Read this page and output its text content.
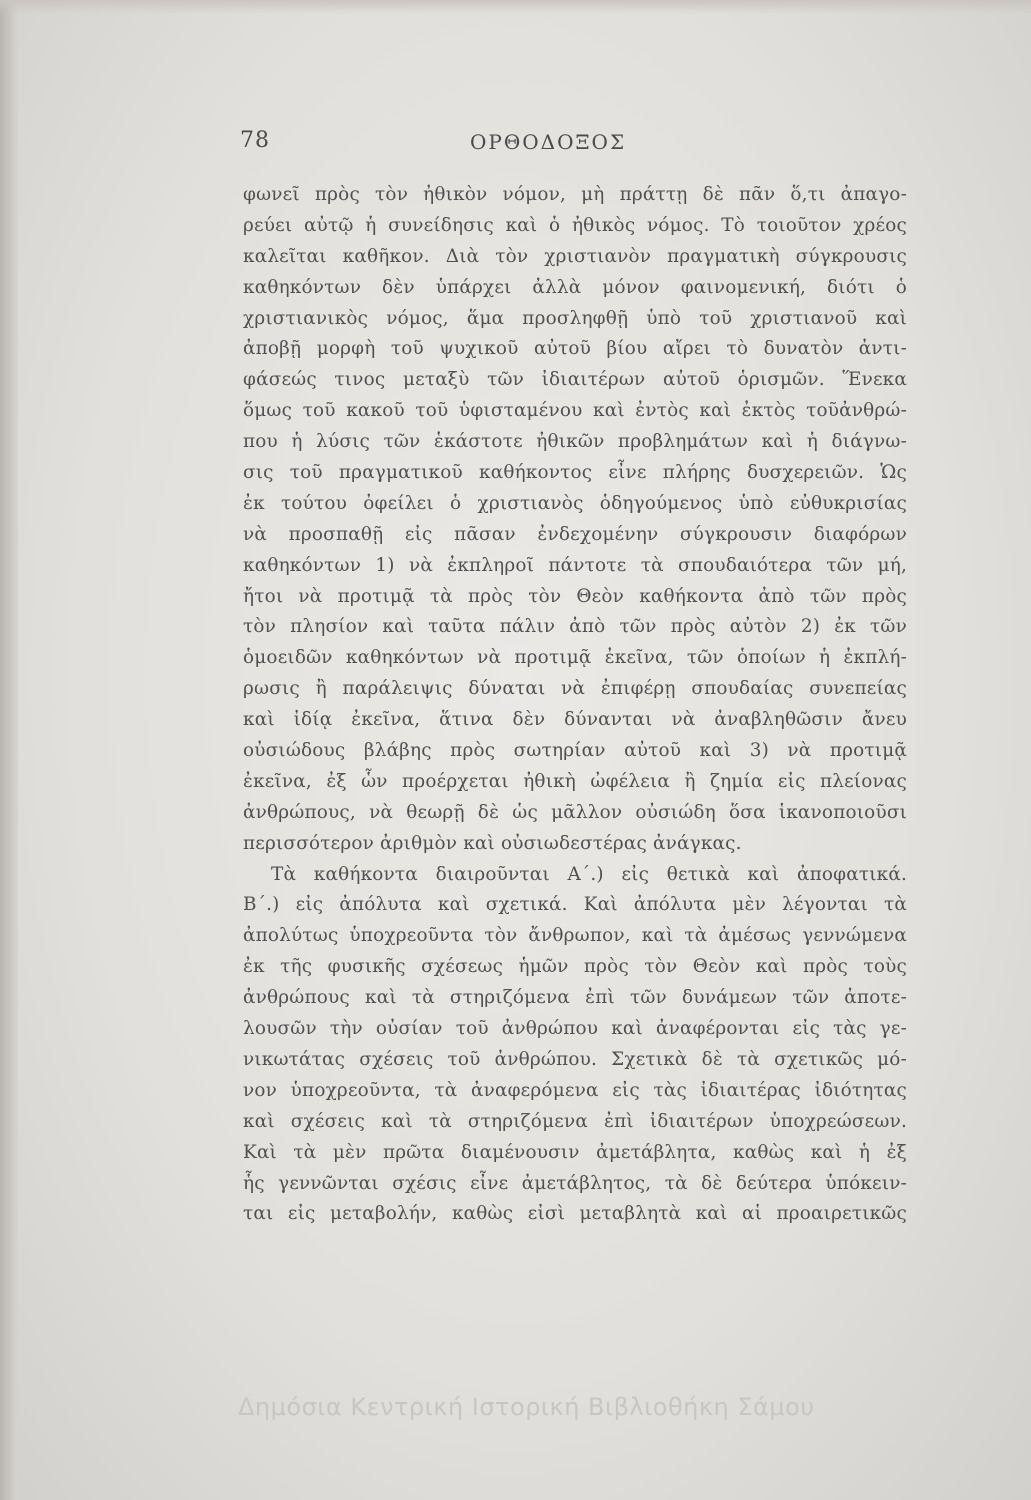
78	ΟΡΘΟΔΟΞΟΣ
φωνεῖ πρὸς τὸν ἠθικὸν νόμον, μὴ πράττῃ δὲ πᾶν ὅ,τι ἀπαγο-
ρεύει αὐτῷ ἡ συνείδησις καὶ ὁ ἠθικὸς νόμος. Τὸ τοιοῦτον χρέος
καλεῖται καθῆκον. Διὰ τὸν χριστιανὸν πραγματικὴ σύγκρουσις
καθηκόντων δὲν ὑπάρχει ἀλλὰ μόνον φαινομενική, διότι ὁ
χριστιανικὸς νόμος, ἅμα προσληφθῇ ὑπὸ τοῦ χριστιανοῦ καὶ
ἀποβῇ μορφὴ τοῦ ψυχικοῦ αὐτοῦ βίου αἴρει τὸ δυνατὸν ἀντι-
φάσεώς τινος μεταξὺ τῶν ἰδιαιτέρων αὐτοῦ ὁρισμῶν. Ἕνεκα
ὅμως τοῦ κακοῦ τοῦ ὑφισταμένου καὶ ἐντὸς καὶ ἐκτὸς τοῦἀνθρώ-
που ἡ λύσις τῶν ἑκάστοτε ἠθικῶν προβλημάτων καὶ ἡ διάγνω-
σις τοῦ πραγματικοῦ καθήκοντος εἶνε πλήρης δυσχερειῶν. Ὡς
ἐκ τούτου ὀφείλει ὁ χριστιανὸς ὁδηγούμενος ὑπὸ εὐθυκρισίας
νὰ προσπαθῇ εἰς πᾶσαν ἐνδεχομένην σύγκρουσιν διαφόρων
καθηκόντων 1) νὰ ἐκπληροῖ πάντοτε τὰ σπουδαιότερα τῶν μή,
ἤτοι νὰ προτιμᾷ τὰ πρὸς τὸν Θεὸν καθήκοντα ἀπὸ τῶν πρὸς
τὸν πλησίον καὶ ταῦτα πάλιν ἀπὸ τῶν πρὸς αὐτὸν 2) ἐκ τῶν
ὁμοειδῶν καθηκόντων νὰ προτιμᾷ ἐκεῖνα, τῶν ὁποίων ἡ ἐκπλή-
ρωσις ἢ παράλειψις δύναται νὰ ἐπιφέρῃ σπουδαίας συνεπείας
καὶ ἰδίᾳ ἐκεῖνα, ἅτινα δὲν δύνανται νὰ ἀναβληθῶσιν ἄνευ
οὐσιώδους βλάβης πρὸς σωτηρίαν αὐτοῦ καὶ 3) νὰ προτιμᾷ
ἐκεῖνα, ἐξ ὧν προέρχεται ἠθικὴ ὠφέλεια ἢ ζημία εἰς πλείονας
ἀνθρώπους, νὰ θεωρῇ δὲ ὡς μᾶλλον οὐσιώδη ὅσα ἱκανοποιοῦσι
περισσότερον ἀριθμὸν καὶ οὐσιωδεστέρας ἀνάγκας.
Τὰ καθήκοντα διαιροῦνται Α΄.) εἰς θετικὰ καὶ ἀποφατικά.
Β΄.) εἰς ἀπόλυτα καὶ σχετικά. Καὶ ἀπόλυτα μὲν λέγονται τὰ
ἀπολύτως ὑποχρεοῦντα τὸν ἄνθρωπον, καὶ τὰ ἀμέσως γεννώμενα
ἐκ τῆς φυσικῆς σχέσεως ἡμῶν πρὸς τὸν Θεὸν καὶ πρὸς τοὺς
ἀνθρώπους καὶ τὰ στηριζόμενα ἐπὶ τῶν δυνάμεων τῶν ἀποτε-
λουσῶν τὴν οὐσίαν τοῦ ἀνθρώπου καὶ ἀναφέρονται εἰς τὰς γε-
νικωτάτας σχέσεις τοῦ ἀνθρώπου. Σχετικὰ δὲ τὰ σχετικῶς μό-
νον ὑποχρεοῦντα, τὰ ἀναφερόμενα εἰς τὰς ἰδιαιτέρας ἰδιότητας
καὶ σχέσεις καὶ τὰ στηριζόμενα ἐπὶ ἰδιαιτέρων ὑποχρεώσεων.
Καὶ τὰ μὲν πρῶτα διαμένουσιν ἀμετάβλητα, καθὼς καὶ ἡ ἐξ
ἧς γεννῶνται σχέσις εἶνε ἀμετάβλητος, τὰ δὲ δεύτερα ὑπόκειν-
ται εἰς μεταβολήν, καθὼς εἰσὶ μεταβλητὰ καὶ αἱ προαιρετικῶς
Δημόσια Κεντρική Ιστορική Βιβλιοθήκη Σάμου
